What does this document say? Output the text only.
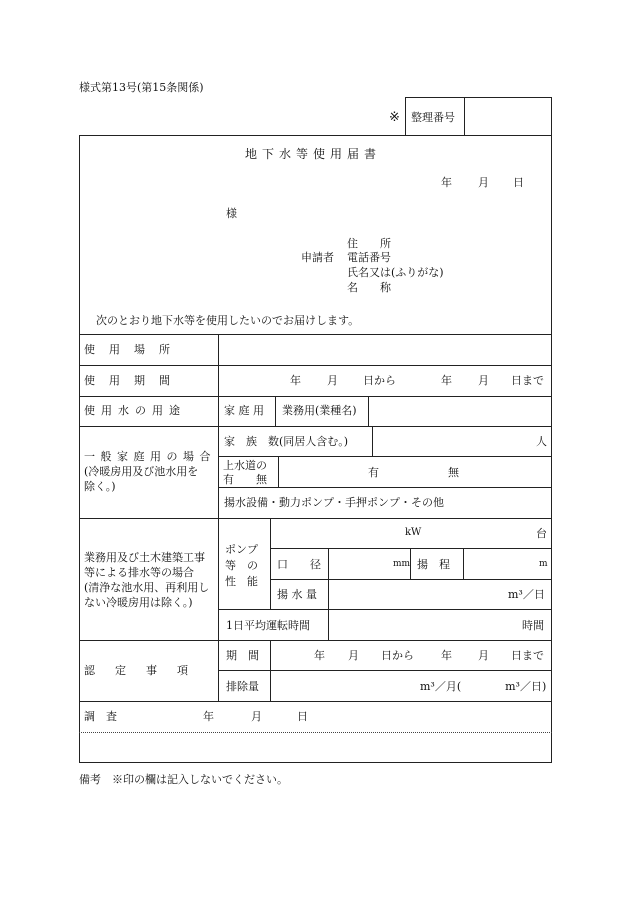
様式第13号(第15条関係)
※ 整理番号
地下水等使用届書
年 月 日
様
申請者
住　　所
電話番号
氏名又は(ふりがな)
名　　称
次のとおり地下水等を使用したいのでお届けします。
使用場所
使用期間	年 月 日から	年 月 日まで
使用水の用途	家 庭 用 業務用(業種名)
一 般 家 庭 用 の 場 合
(冷暖房用及び池水用を
除く。)
家　族　数(同居人含む。)	人
上水道の
有　　無
有	無
揚水設備・動力ポンプ・手押ポンプ・その他
業務用及び土木建築工事
等による排水等の場合
(清浄な池水用、再利用し
ない冷暖房用は除く。)
ポンプ
等　の
性　能
kW	台
口　　径	mm 揚　程	m
揚 水 量	m³／日
1日平均運転時間	時間
認定事項
期　間	年 月 日から 年 月 日まで
排除量	m³／月(　　　　m³／日)
調　査	年	月	日
備考　※印の欄は記入しないでください。
